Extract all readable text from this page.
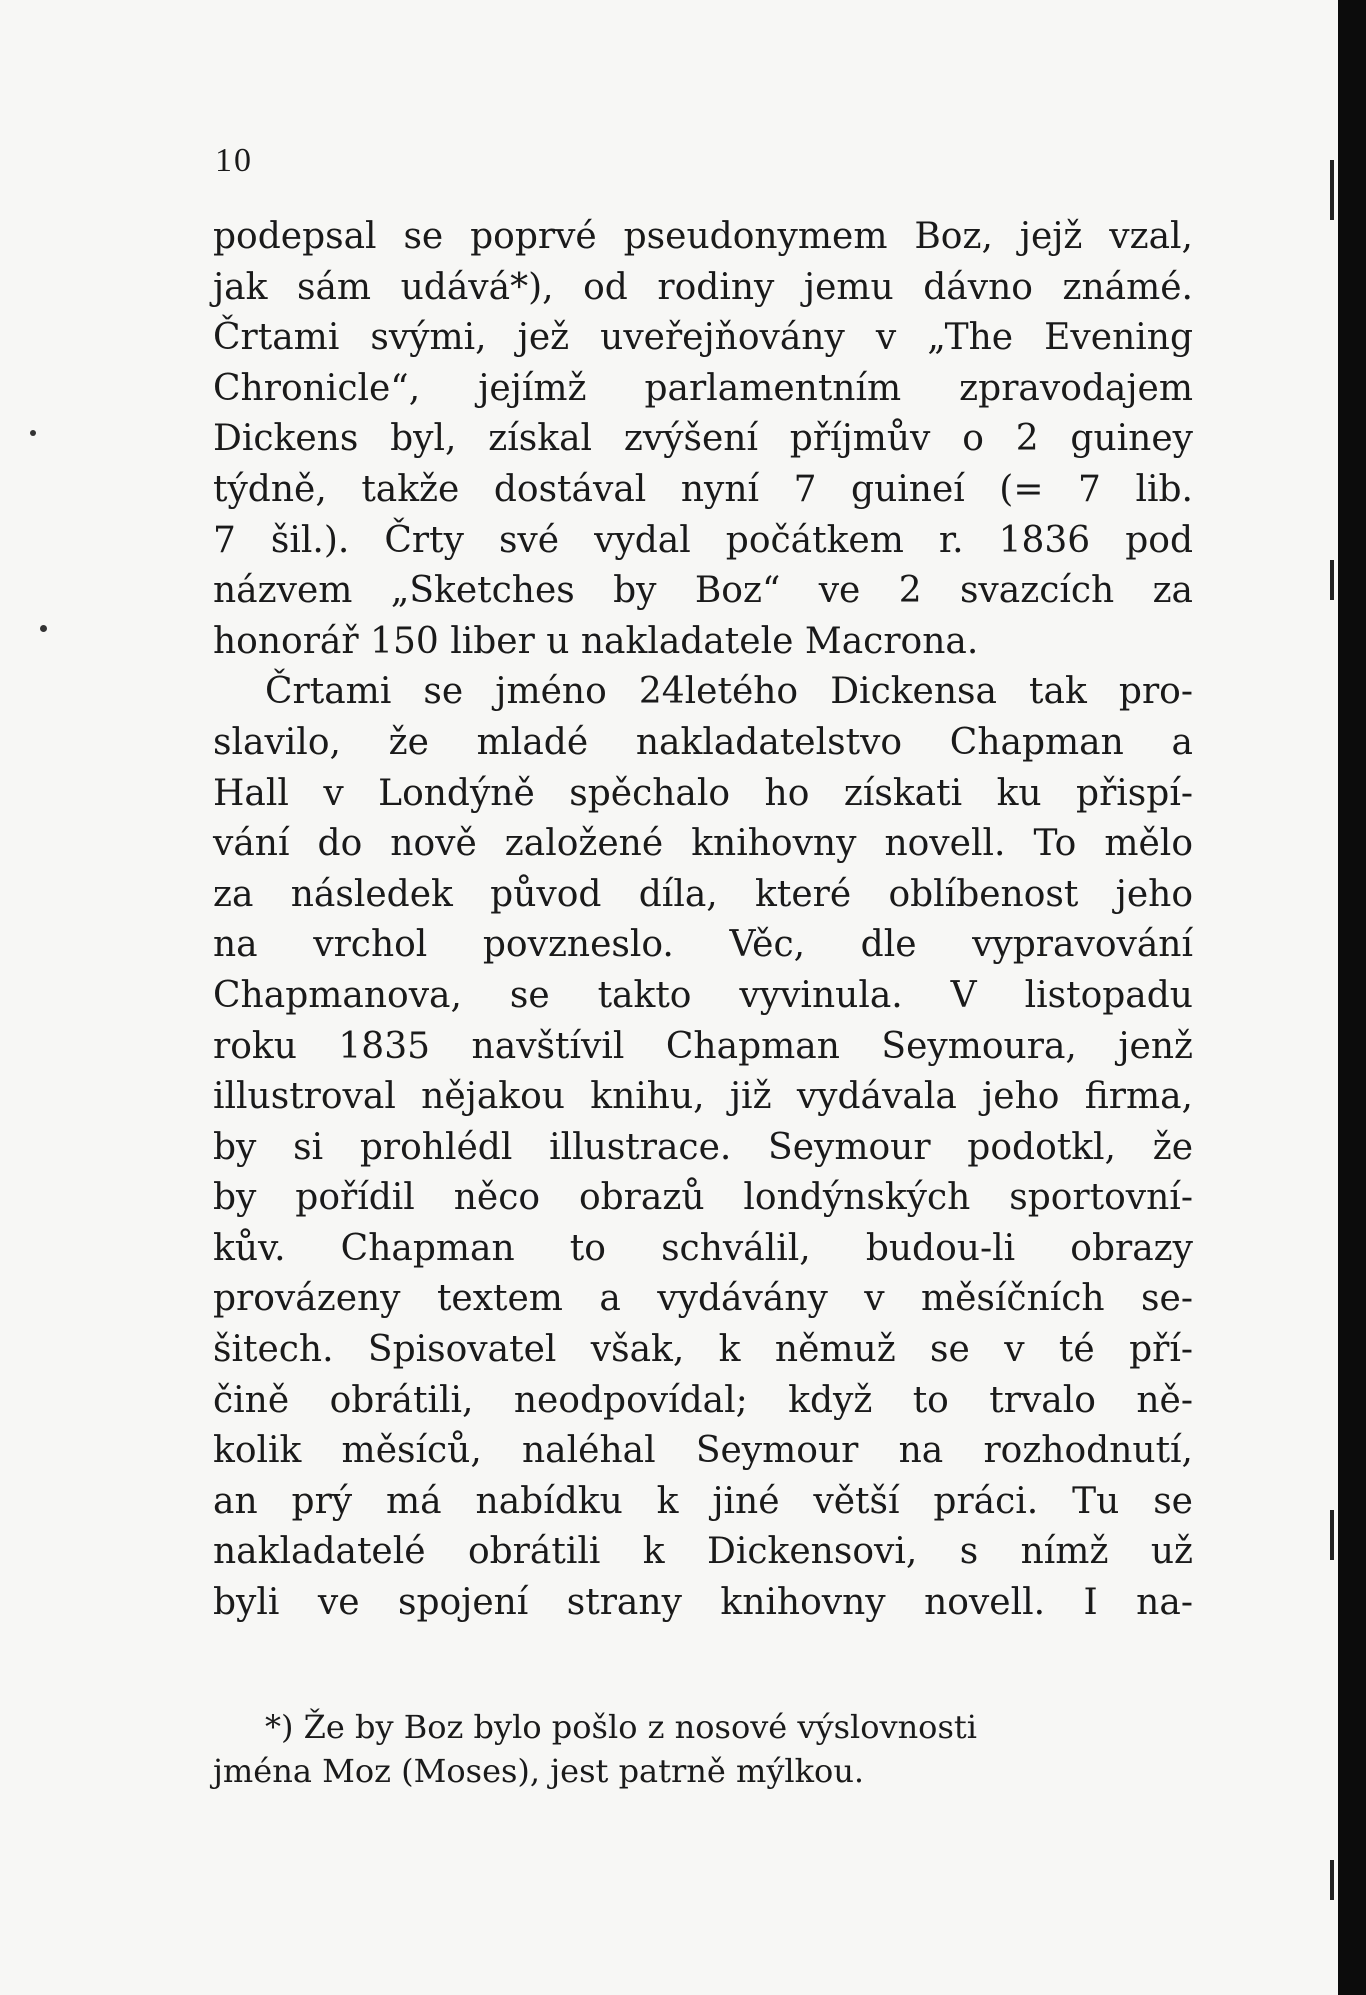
10

podepsal se poprvé pseudonymem Boz, jejž vzal,
jak sám udává*), od rodiny jemu dávno známé.
Črtami svými, jež uveřejňovány v „The Evening
Chronicle“, jejímž parlamentním zpravodajem
Dickens byl, získal zvýšení příjmův o 2 guiney
týdně, takže dostával nyní 7 guineí (= 7 lib.
7 šil.). Črty své vydal počátkem r. 1836 pod
názvem „Sketches by Boz“ ve 2 svazcích za
honorář 150 liber u nakladatele Macrona.

Črtami se jméno 24letého Dickensa tak pro-
slavilo, že mladé nakladatelstvo Chapman a
Hall v Londýně spěchalo ho získati ku přispí-
vání do nově založené knihovny novell. To mělo
za následek původ díla, které oblíbenost jeho
na vrchol povzneslo. Věc, dle vypravování
Chapmanova, se takto vyvinula. V listopadu
roku 1835 navštívil Chapman Seymoura, jenž
illustroval nějakou knihu, již vydávala jeho firma,
by si prohlédl illustrace. Seymour podotkl, že
by pořídil něco obrazů londýnských sportovní-
kův. Chapman to schválil, budou-li obrazy
provázeny textem a vydávány v měsíčních se-
šitech. Spisovatel však, k němuž se v té pří-
čině obrátili, neodpovídal; když to trvalo ně-
kolik měsíců, naléhal Seymour na rozhodnutí,
an prý má nabídku k jiné větší práci. Tu se
nakladatelé obrátili k Dickensovi, s nímž už
byli ve spojení strany knihovny novell. I na-

*) Že by Boz bylo pošlo z nosové výslovnosti
jména Moz (Moses), jest patrně mýlkou.
